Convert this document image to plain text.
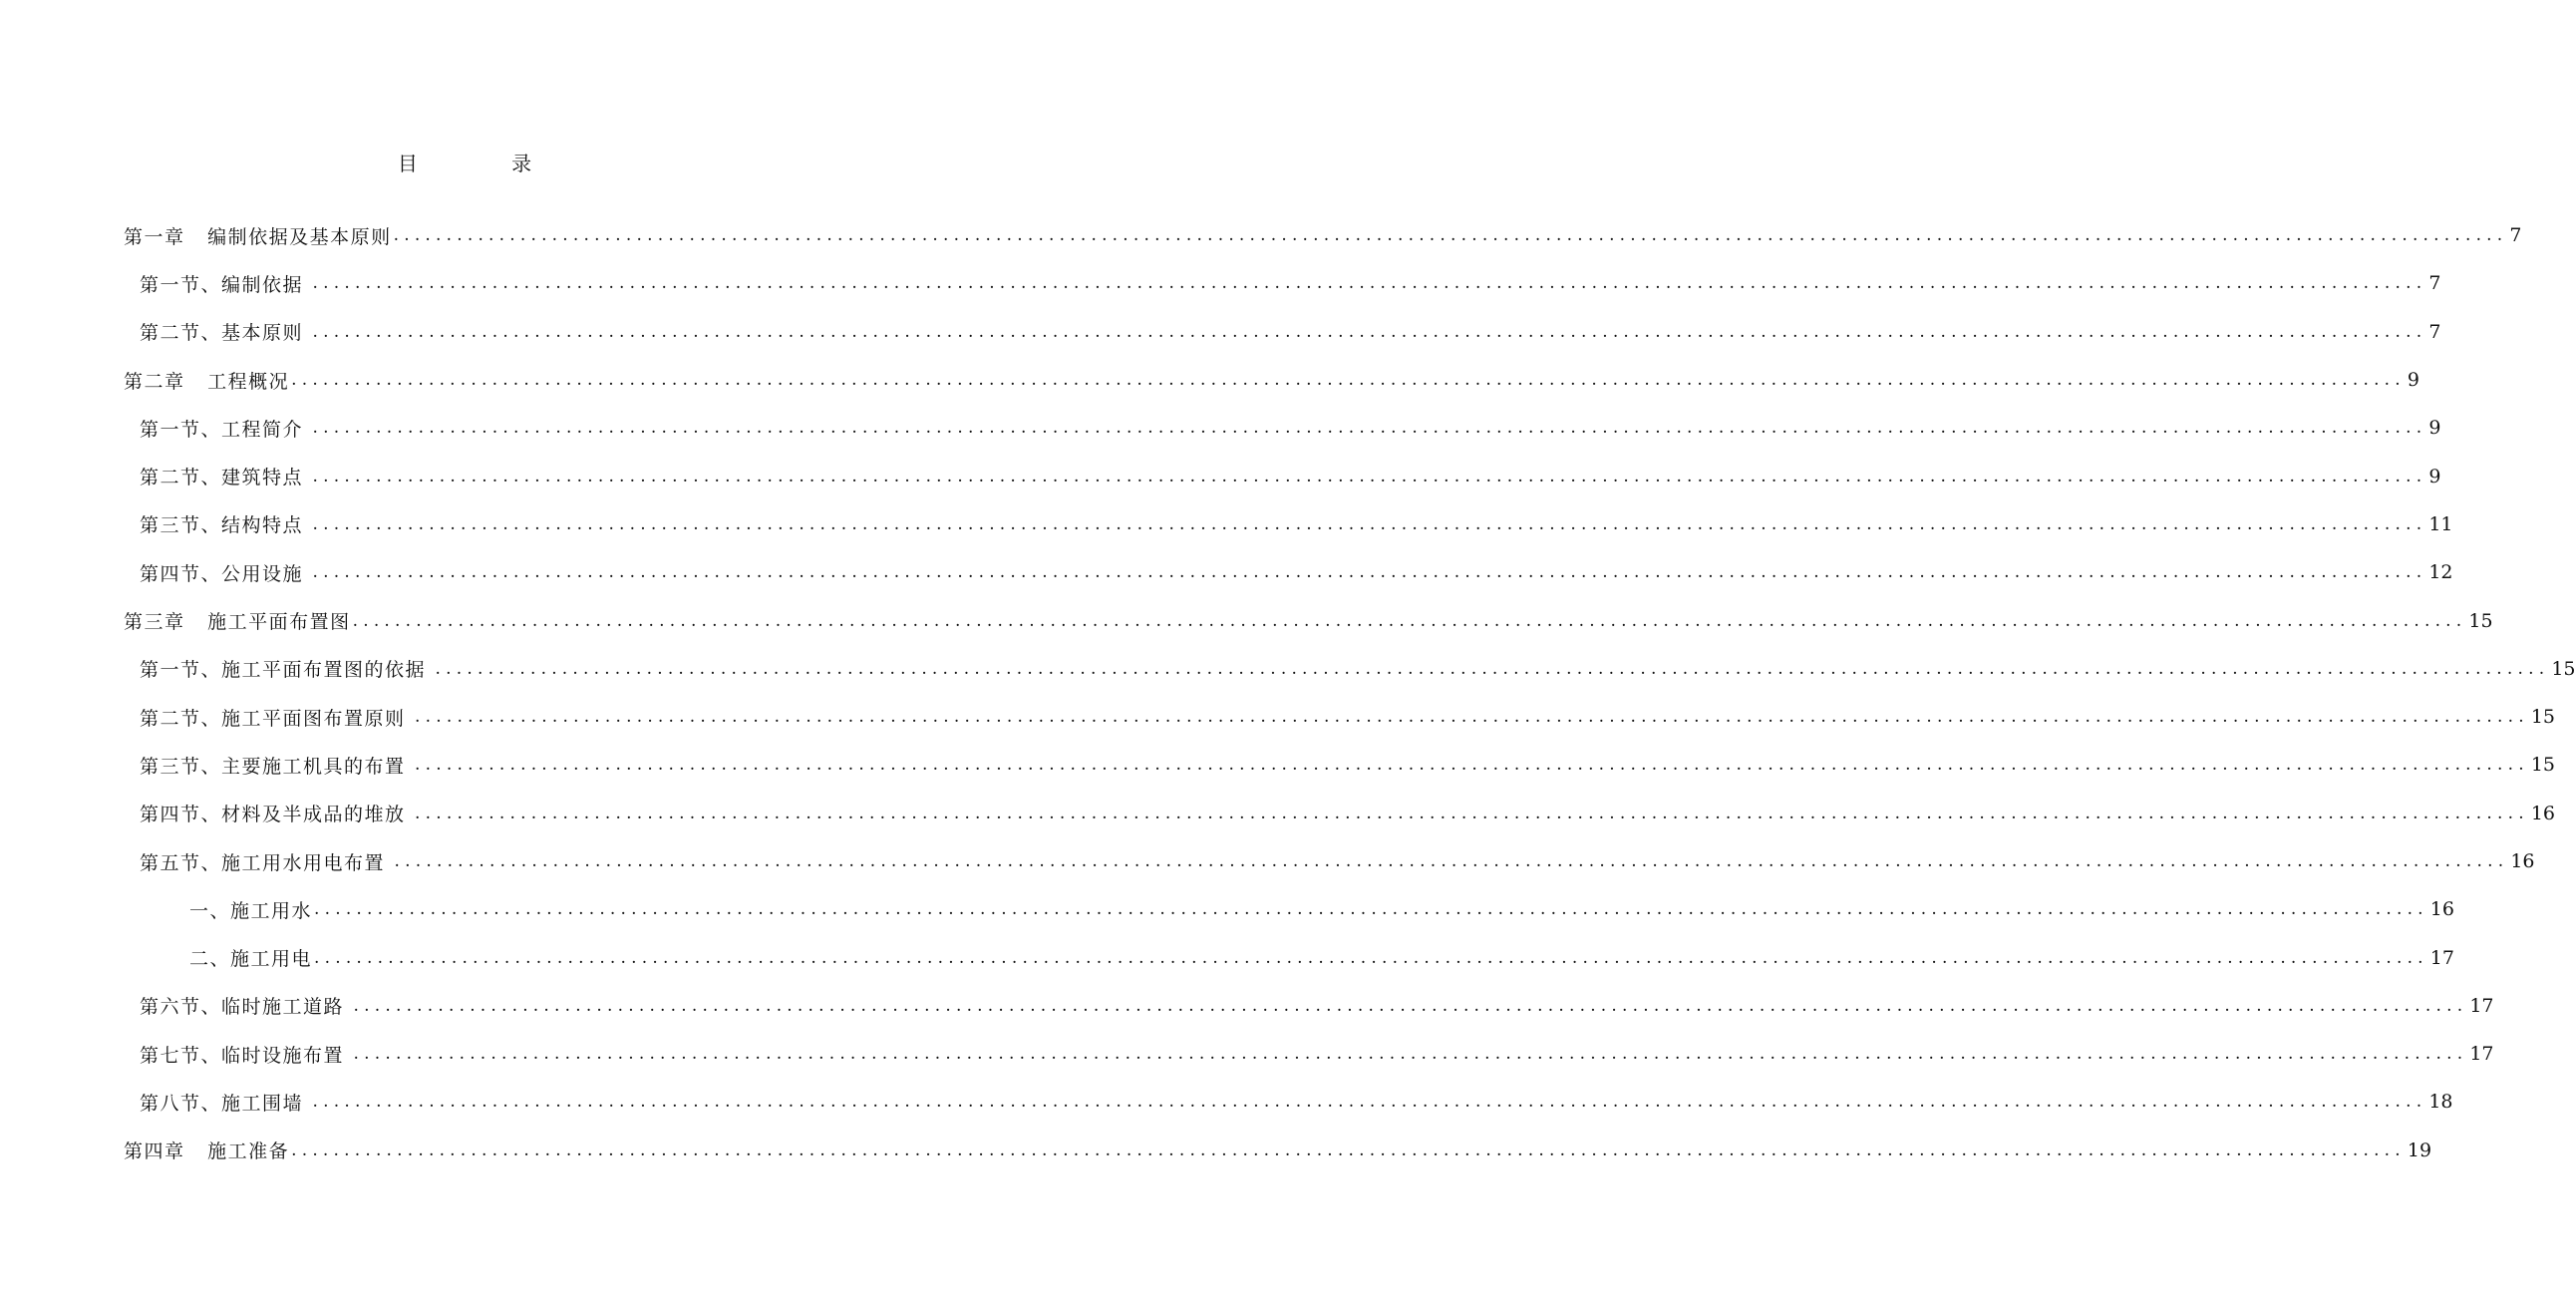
目 录
第一章   编制依据及基本原则 ........................................................................................................................................................................................................ 7
第一节、编制依据 ........................................................................................................................................................................................................ 7
第二节、基本原则 ........................................................................................................................................................................................................ 7
第二章   工程概况 ........................................................................................................................................................................................................ 9
第一节、工程简介 ........................................................................................................................................................................................................ 9
第二节、建筑特点 ........................................................................................................................................................................................................ 9
第三节、结构特点 ........................................................................................................................................................................................................ 11
第四节、公用设施 ........................................................................................................................................................................................................ 12
第三章   施工平面布置图 ........................................................................................................................................................................................................ 15
第一节、施工平面布置图的依据 ........................................................................................................................................................................................................ 15
第二节、施工平面图布置原则 ........................................................................................................................................................................................................ 15
第三节、主要施工机具的布置 ........................................................................................................................................................................................................ 15
第四节、材料及半成品的堆放 ........................................................................................................................................................................................................ 16
第五节、施工用水用电布置 ........................................................................................................................................................................................................ 16
一、施工用水 ........................................................................................................................................................................................................ 16
二、施工用电 ........................................................................................................................................................................................................ 17
第六节、临时施工道路 ........................................................................................................................................................................................................ 17
第七节、临时设施布置 ........................................................................................................................................................................................................ 17
第八节、施工围墙 ........................................................................................................................................................................................................ 18
第四章   施工准备 ........................................................................................................................................................................................................ 19
